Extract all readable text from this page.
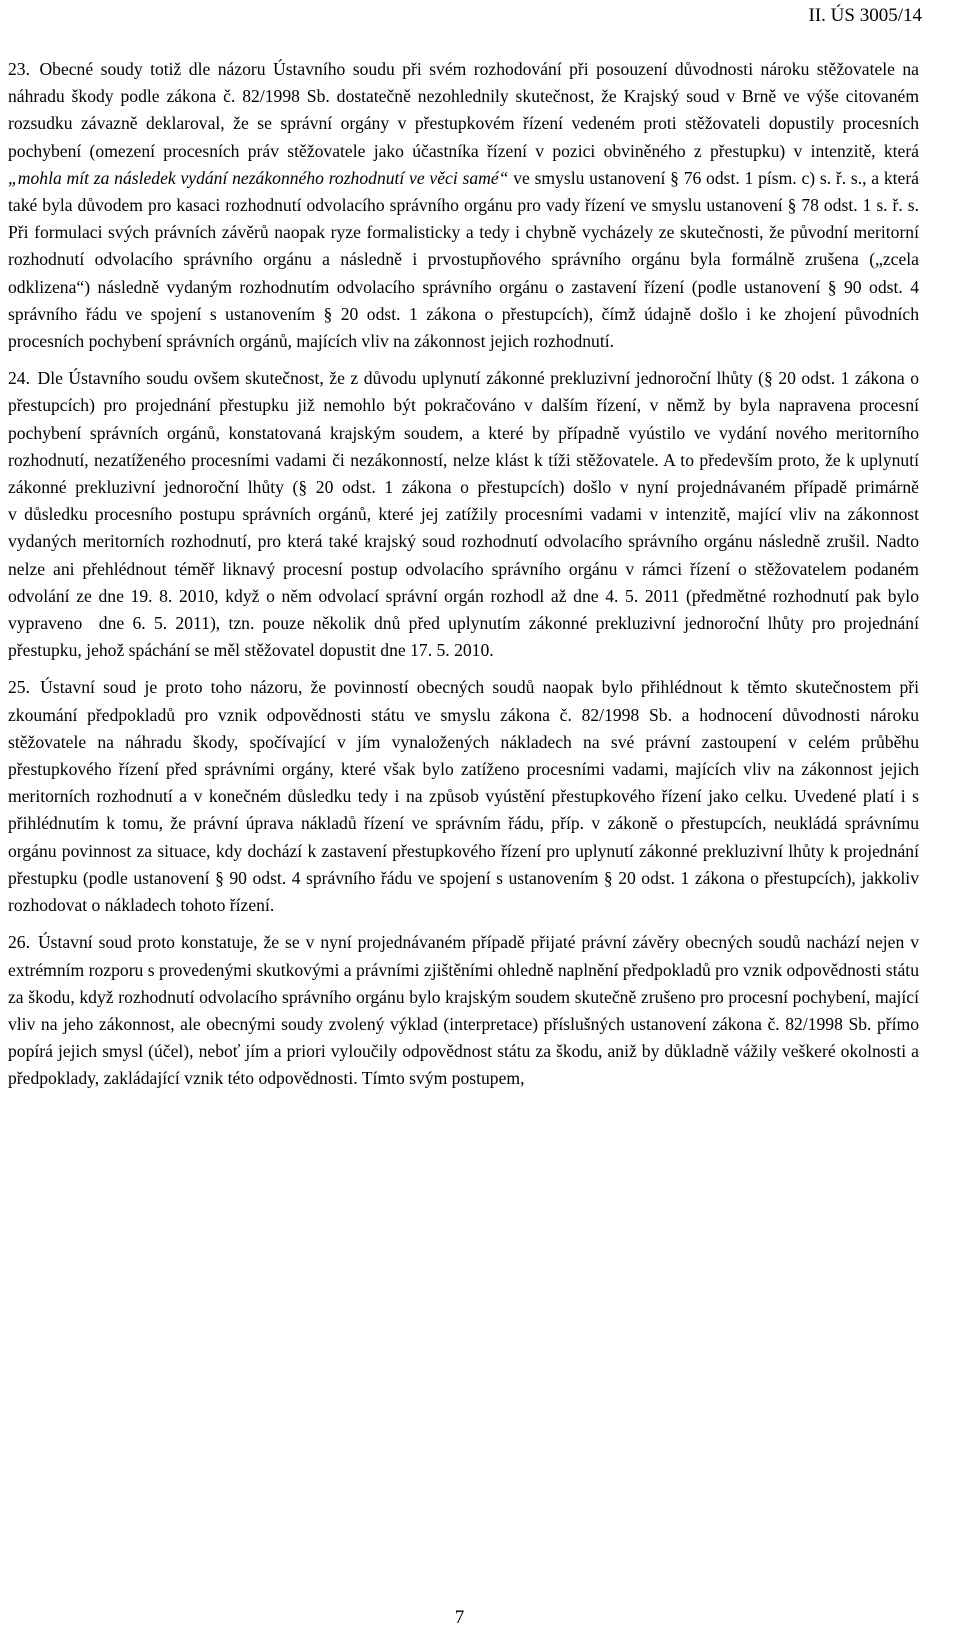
II. ÚS 3005/14

23. Obecné soudy totiž dle názoru Ústavního soudu při svém rozhodování při posouzení důvodnosti nároku stěžovatele na náhradu škody podle zákona č. 82/1998 Sb. dostatečně nezohlednily skutečnost, že Krajský soud v Brně ve výše citovaném rozsudku závazně deklaroval, že se správní orgány v přestupkovém řízení vedeném proti stěžovateli dopustily procesních pochybení (omezení procesních práv stěžovatele jako účastníka řízení v pozici obviněného z přestupku) v intenzitě, která „mohla mít za následek vydání nezákonného rozhodnutí ve věci samé“ ve smyslu ustanovení § 76 odst. 1 písm. c) s. ř. s., a která také byla důvodem pro kasaci rozhodnutí odvolacího správního orgánu pro vady řízení ve smyslu ustanovení § 78 odst. 1 s. ř. s. Při formulaci svých právních závěrů naopak ryze formalisticky a tedy i chybně vycházely ze skutečnosti, že původní meritorní rozhodnutí odvolacího správního orgánu a následně i prvostupňového správního orgánu byla formálně zrušena („zcela odklizena“) následně vydaným rozhodnutím odvolacího správního orgánu o zastavení řízení (podle ustanovení § 90 odst. 4 správního řádu ve spojení s ustanovením § 20 odst. 1 zákona o přestupcích), čímž údajně došlo i ke zhojení původních procesních pochybení správních orgánů, majících vliv na zákonnost jejich rozhodnutí.

24. Dle Ústavního soudu ovšem skutečnost, že z důvodu uplynutí zákonné prekluzivní jednoroční lhůty (§ 20 odst. 1 zákona o přestupcích) pro projednání přestupku již nemohlo být pokračováno v dalším řízení, v němž by byla napravena procesní pochybení správních orgánů, konstatovaná krajským soudem, a které by případně vyústilo ve vydání nového meritorního rozhodnutí, nezatíženého procesními vadami či nezákonností, nelze klást k tíži stěžovatele. A to především proto, že k uplynutí zákonné prekluzivní jednoroční lhůty (§ 20 odst. 1 zákona o přestupcích) došlo v nyní projednávaném případě primárně v důsledku procesního postupu správních orgánů, které jej zatížily procesními vadami v intenzitě, mající vliv na zákonnost vydaných meritorních rozhodnutí, pro která také krajský soud rozhodnutí odvolacího správního orgánu následně zrušil. Nadto nelze ani přehlédnout téměř liknavý procesní postup odvolacího správního orgánu v rámci řízení o stěžovatelem podaném odvolání ze dne 19. 8. 2010, když o něm odvolací správní orgán rozhodl až dne 4. 5. 2011 (předmětné rozhodnutí pak bylo vypraveno  dne 6. 5. 2011), tzn. pouze několik dnů před uplynutím zákonné prekluzivní jednoroční lhůty pro projednání přestupku, jehož spáchání se měl stěžovatel dopustit dne 17. 5. 2010.

25. Ústavní soud je proto toho názoru, že povinností obecných soudů naopak bylo přihlédnout k těmto skutečnostem při zkoumání předpokladů pro vznik odpovědnosti státu ve smyslu zákona č. 82/1998 Sb. a hodnocení důvodnosti nároku stěžovatele na náhradu škody, spočívající v jím vynaložených nákladech na své právní zastoupení v celém průběhu přestupkového řízení před správními orgány, které však bylo zatíženo procesními vadami, majících vliv na zákonnost jejich meritorních rozhodnutí a v konečném důsledku tedy i na způsob vyústění přestupkového řízení jako celku. Uvedené platí i s přihlédnutím k tomu, že právní úprava nákladů řízení ve správním řádu, příp. v zákoně o přestupcích, neukládá správnímu orgánu povinnost za situace, kdy dochází k zastavení přestupkového řízení pro uplynutí zákonné prekluzivní lhůty k projednání přestupku (podle ustanovení § 90 odst. 4 správního řádu ve spojení s ustanovením § 20 odst. 1 zákona o přestupcích), jakkoliv rozhodovat o nákladech tohoto řízení.

26. Ústavní soud proto konstatuje, že se v nyní projednávaném případě přijaté právní závěry obecných soudů nachází nejen v extrémním rozporu s provedenými skutkovými a právními zjištěními ohledně naplnění předpokladů pro vznik odpovědnosti státu za škodu, když rozhodnutí odvolacího správního orgánu bylo krajským soudem skutečně zrušeno pro procesní pochybení, mající vliv na jeho zákonnost, ale obecnými soudy zvolený výklad (interpretace) příslušných ustanovení zákona č. 82/1998 Sb. přímo popírá jejich smysl (účel), neboť jím a priori vyloučily odpovědnost státu za škodu, aniž by důkladně vážily veškeré okolnosti a předpoklady, zakládající vznik této odpovědnosti. Tímto svým postupem,

7
